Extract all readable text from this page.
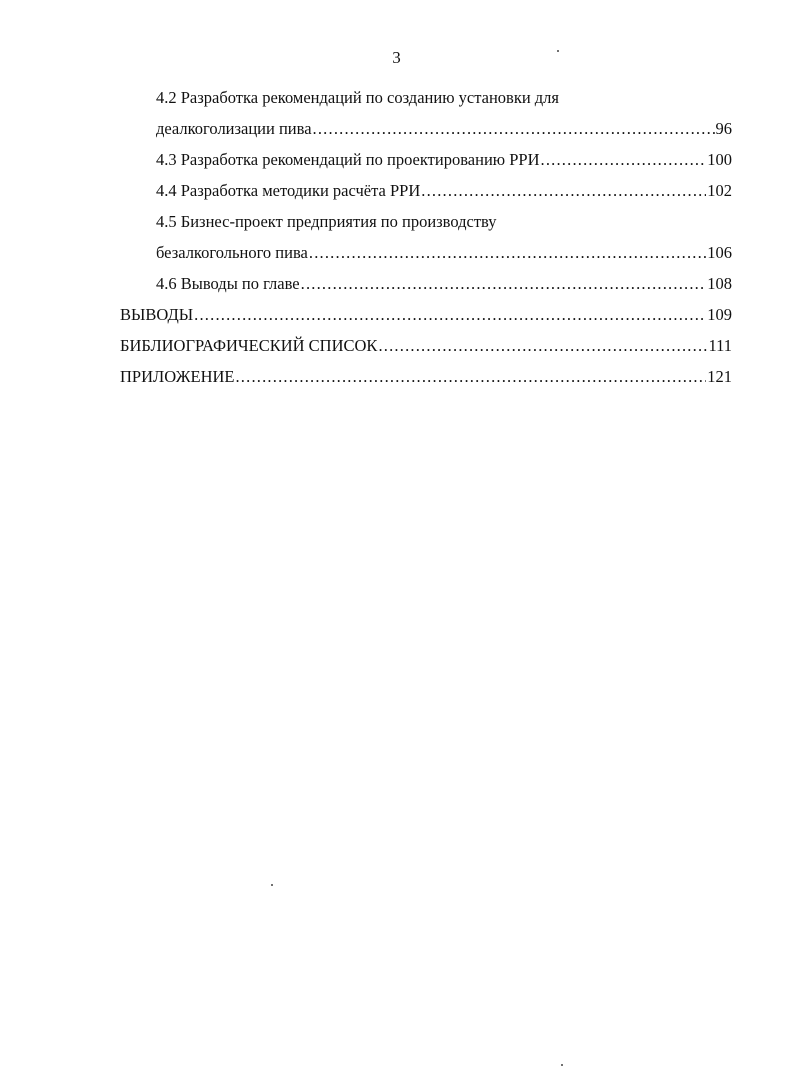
3
4.2 Разработка рекомендаций по созданию установки для
деалкоголизации пива .....	96
4.3 Разработка рекомендаций по проектированию РРИ .....	100
4.4 Разработка методики расчёта РРИ .....	102
4.5 Бизнес-проект предприятия по производству
безалкогольного пива .....	106
4.6 Выводы по главе .....	108
ВЫВОДЫ .....	109
БИБЛИОГРАФИЧЕСКИЙ СПИСОК .....	111
ПРИЛОЖЕНИЕ .....	121
